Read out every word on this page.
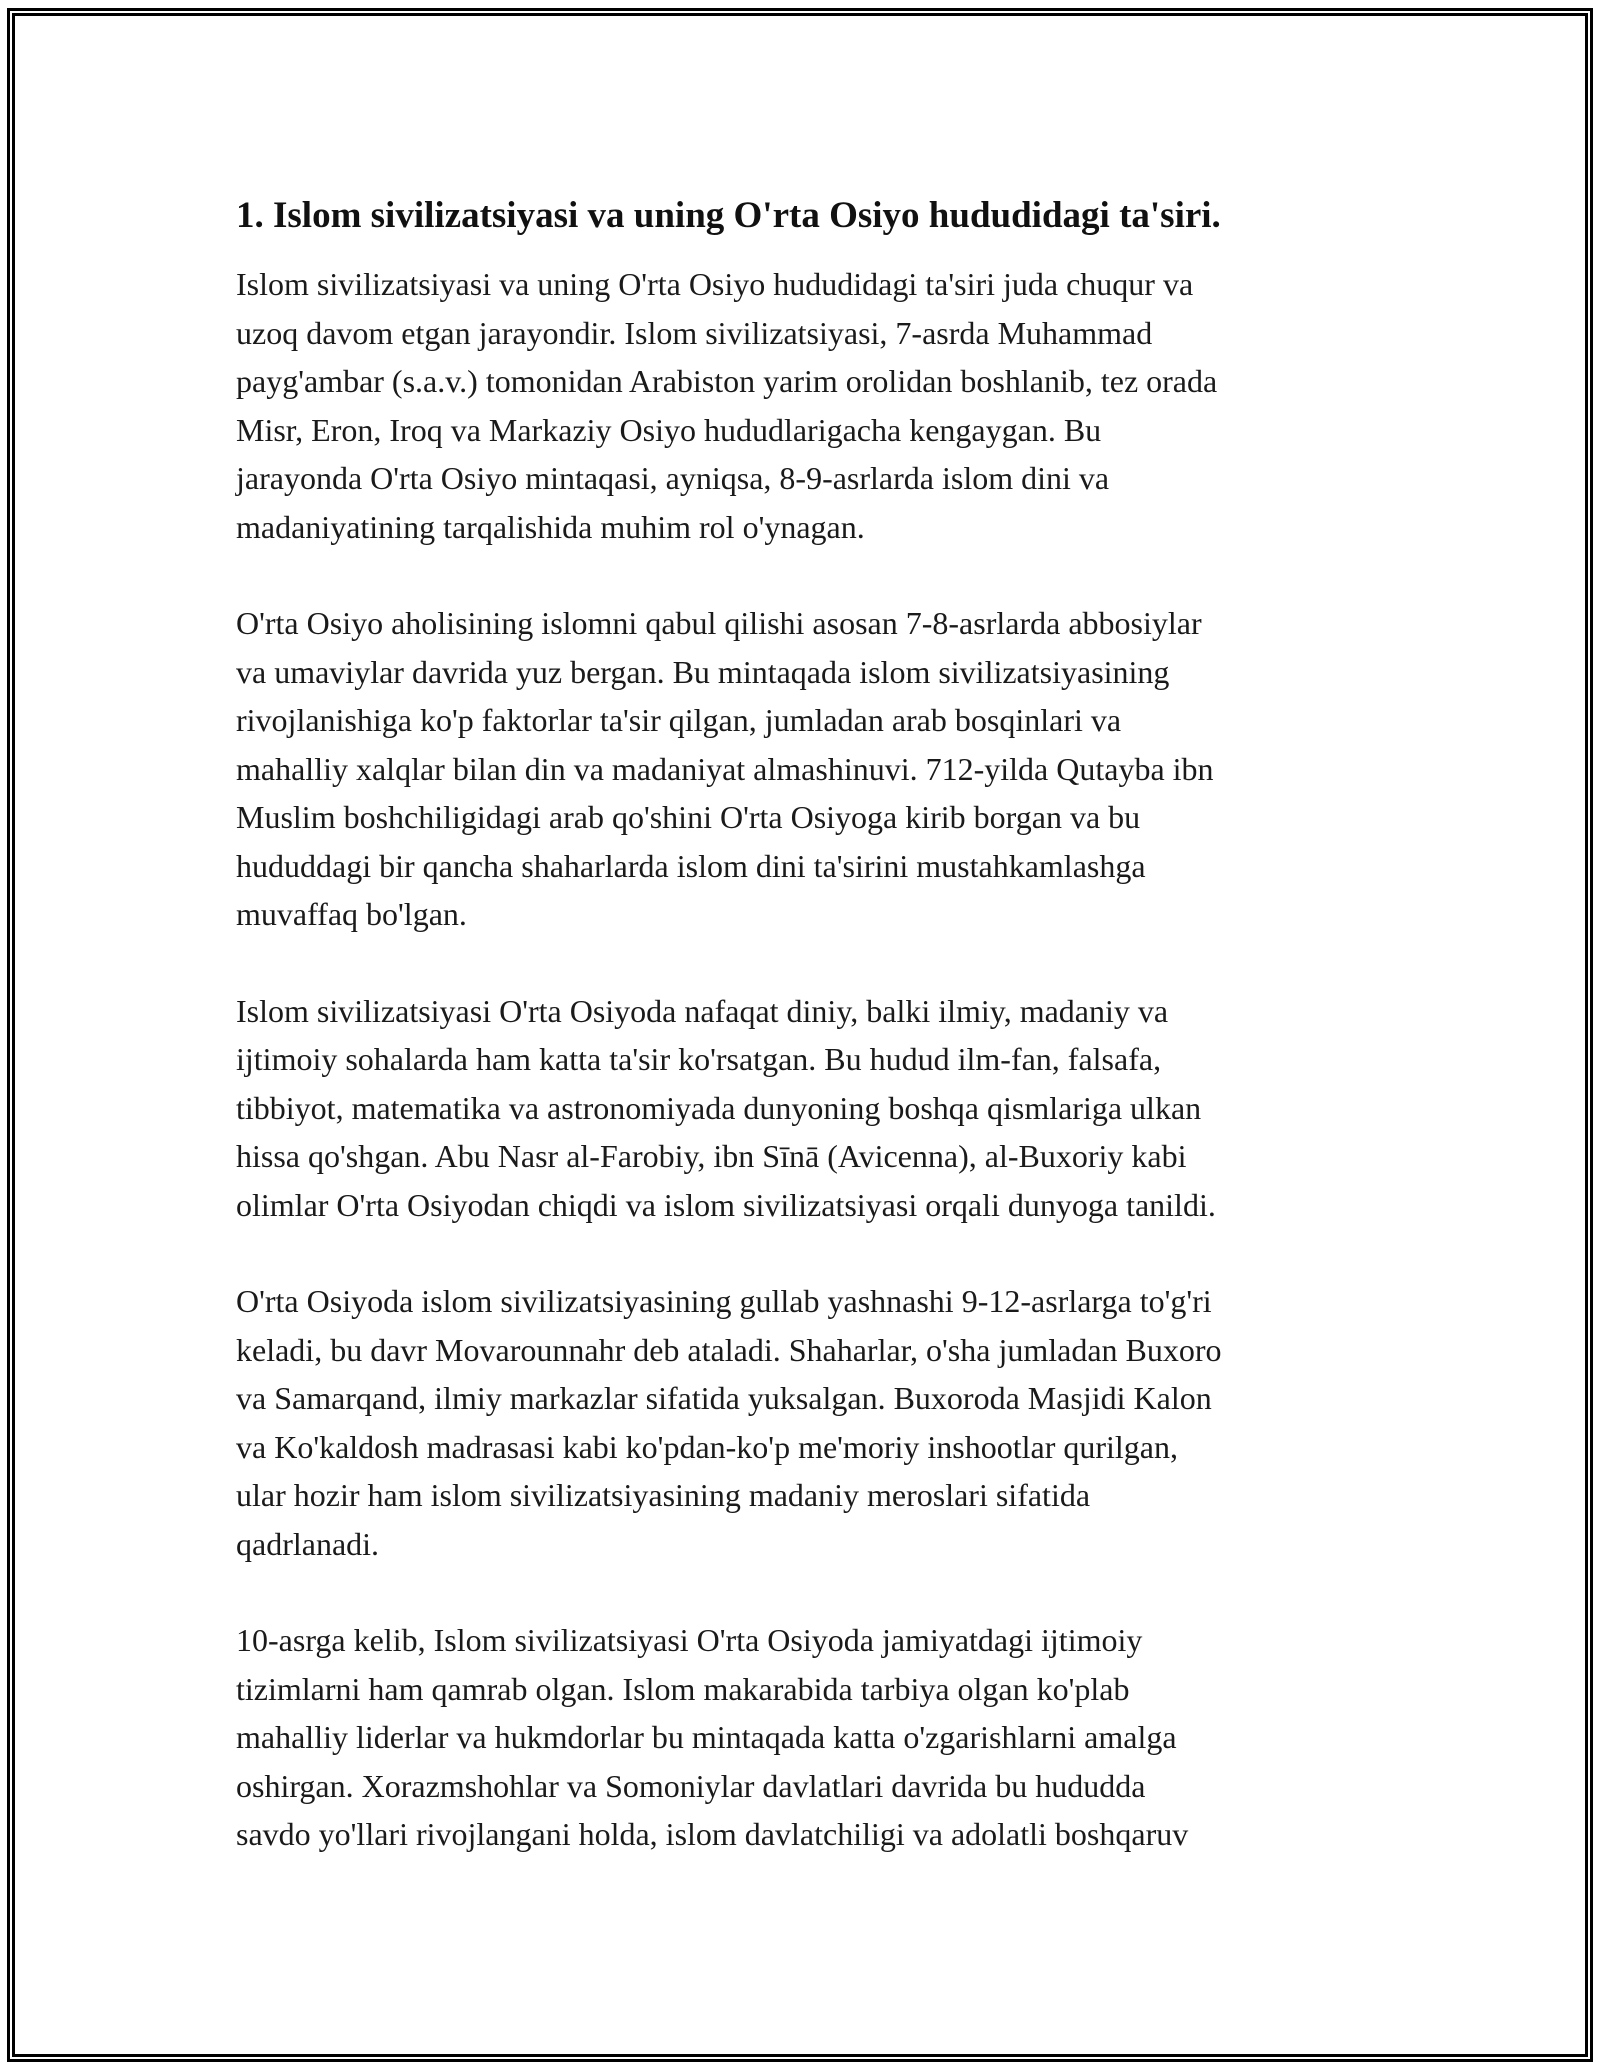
1. Islom sivilizatsiyasi va uning O'rta Osiyo hududidagi ta'siri.
Islom sivilizatsiyasi va uning O'rta Osiyo hududidagi ta'siri juda chuqur va
uzoq davom etgan jarayondir. Islom sivilizatsiyasi, 7-asrda Muhammad
payg'ambar (s.a.v.) tomonidan Arabiston yarim orolidan boshlanib, tez orada
Misr, Eron, Iroq va Markaziy Osiyo hududlarigacha kengaygan. Bu
jarayonda O'rta Osiyo mintaqasi, ayniqsa, 8-9-asrlarda islom dini va
madaniyatining tarqalishida muhim rol o'ynagan.
O'rta Osiyo aholisining islomni qabul qilishi asosan 7-8-asrlarda abbosiylar
va umaviylar davrida yuz bergan. Bu mintaqada islom sivilizatsiyasining
rivojlanishiga ko'p faktorlar ta'sir qilgan, jumladan arab bosqinlari va
mahalliy xalqlar bilan din va madaniyat almashinuvi. 712-yilda Qutayba ibn
Muslim boshchiligidagi arab qo'shini O'rta Osiyoga kirib borgan va bu
hududdagi bir qancha shaharlarda islom dini ta'sirini mustahkamlashga
muvaffaq bo'lgan.
Islom sivilizatsiyasi O'rta Osiyoda nafaqat diniy, balki ilmiy, madaniy va
ijtimoiy sohalarda ham katta ta'sir ko'rsatgan. Bu hudud ilm-fan, falsafa,
tibbiyot, matematika va astronomiyada dunyoning boshqa qismlariga ulkan
hissa qo'shgan. Abu Nasr al-Farobiy, ibn Sīnā (Avicenna), al-Buxoriy kabi
olimlar O'rta Osiyodan chiqdi va islom sivilizatsiyasi orqali dunyoga tanildi.
O'rta Osiyoda islom sivilizatsiyasining gullab yashnashi 9-12-asrlarga to'g'ri
keladi, bu davr Movarounnahr deb ataladi. Shaharlar, o'sha jumladan Buxoro
va Samarqand, ilmiy markazlar sifatida yuksalgan. Buxoroda Masjidi Kalon
va Ko'kaldosh madrasasi kabi ko'pdan-ko'p me'moriy inshootlar qurilgan,
ular hozir ham islom sivilizatsiyasining madaniy meroslari sifatida
qadrlanadi.
10-asrga kelib, Islom sivilizatsiyasi O'rta Osiyoda jamiyatdagi ijtimoiy
tizimlarni ham qamrab olgan. Islom makarabida tarbiya olgan ko'plab
mahalliy liderlar va hukmdorlar bu mintaqada katta o'zgarishlarni amalga
oshirgan. Xorazmshohlar va Somoniylar davlatlari davrida bu hududda
savdo yo'llari rivojlangani holda, islom davlatchiligi va adolatli boshqaruv
